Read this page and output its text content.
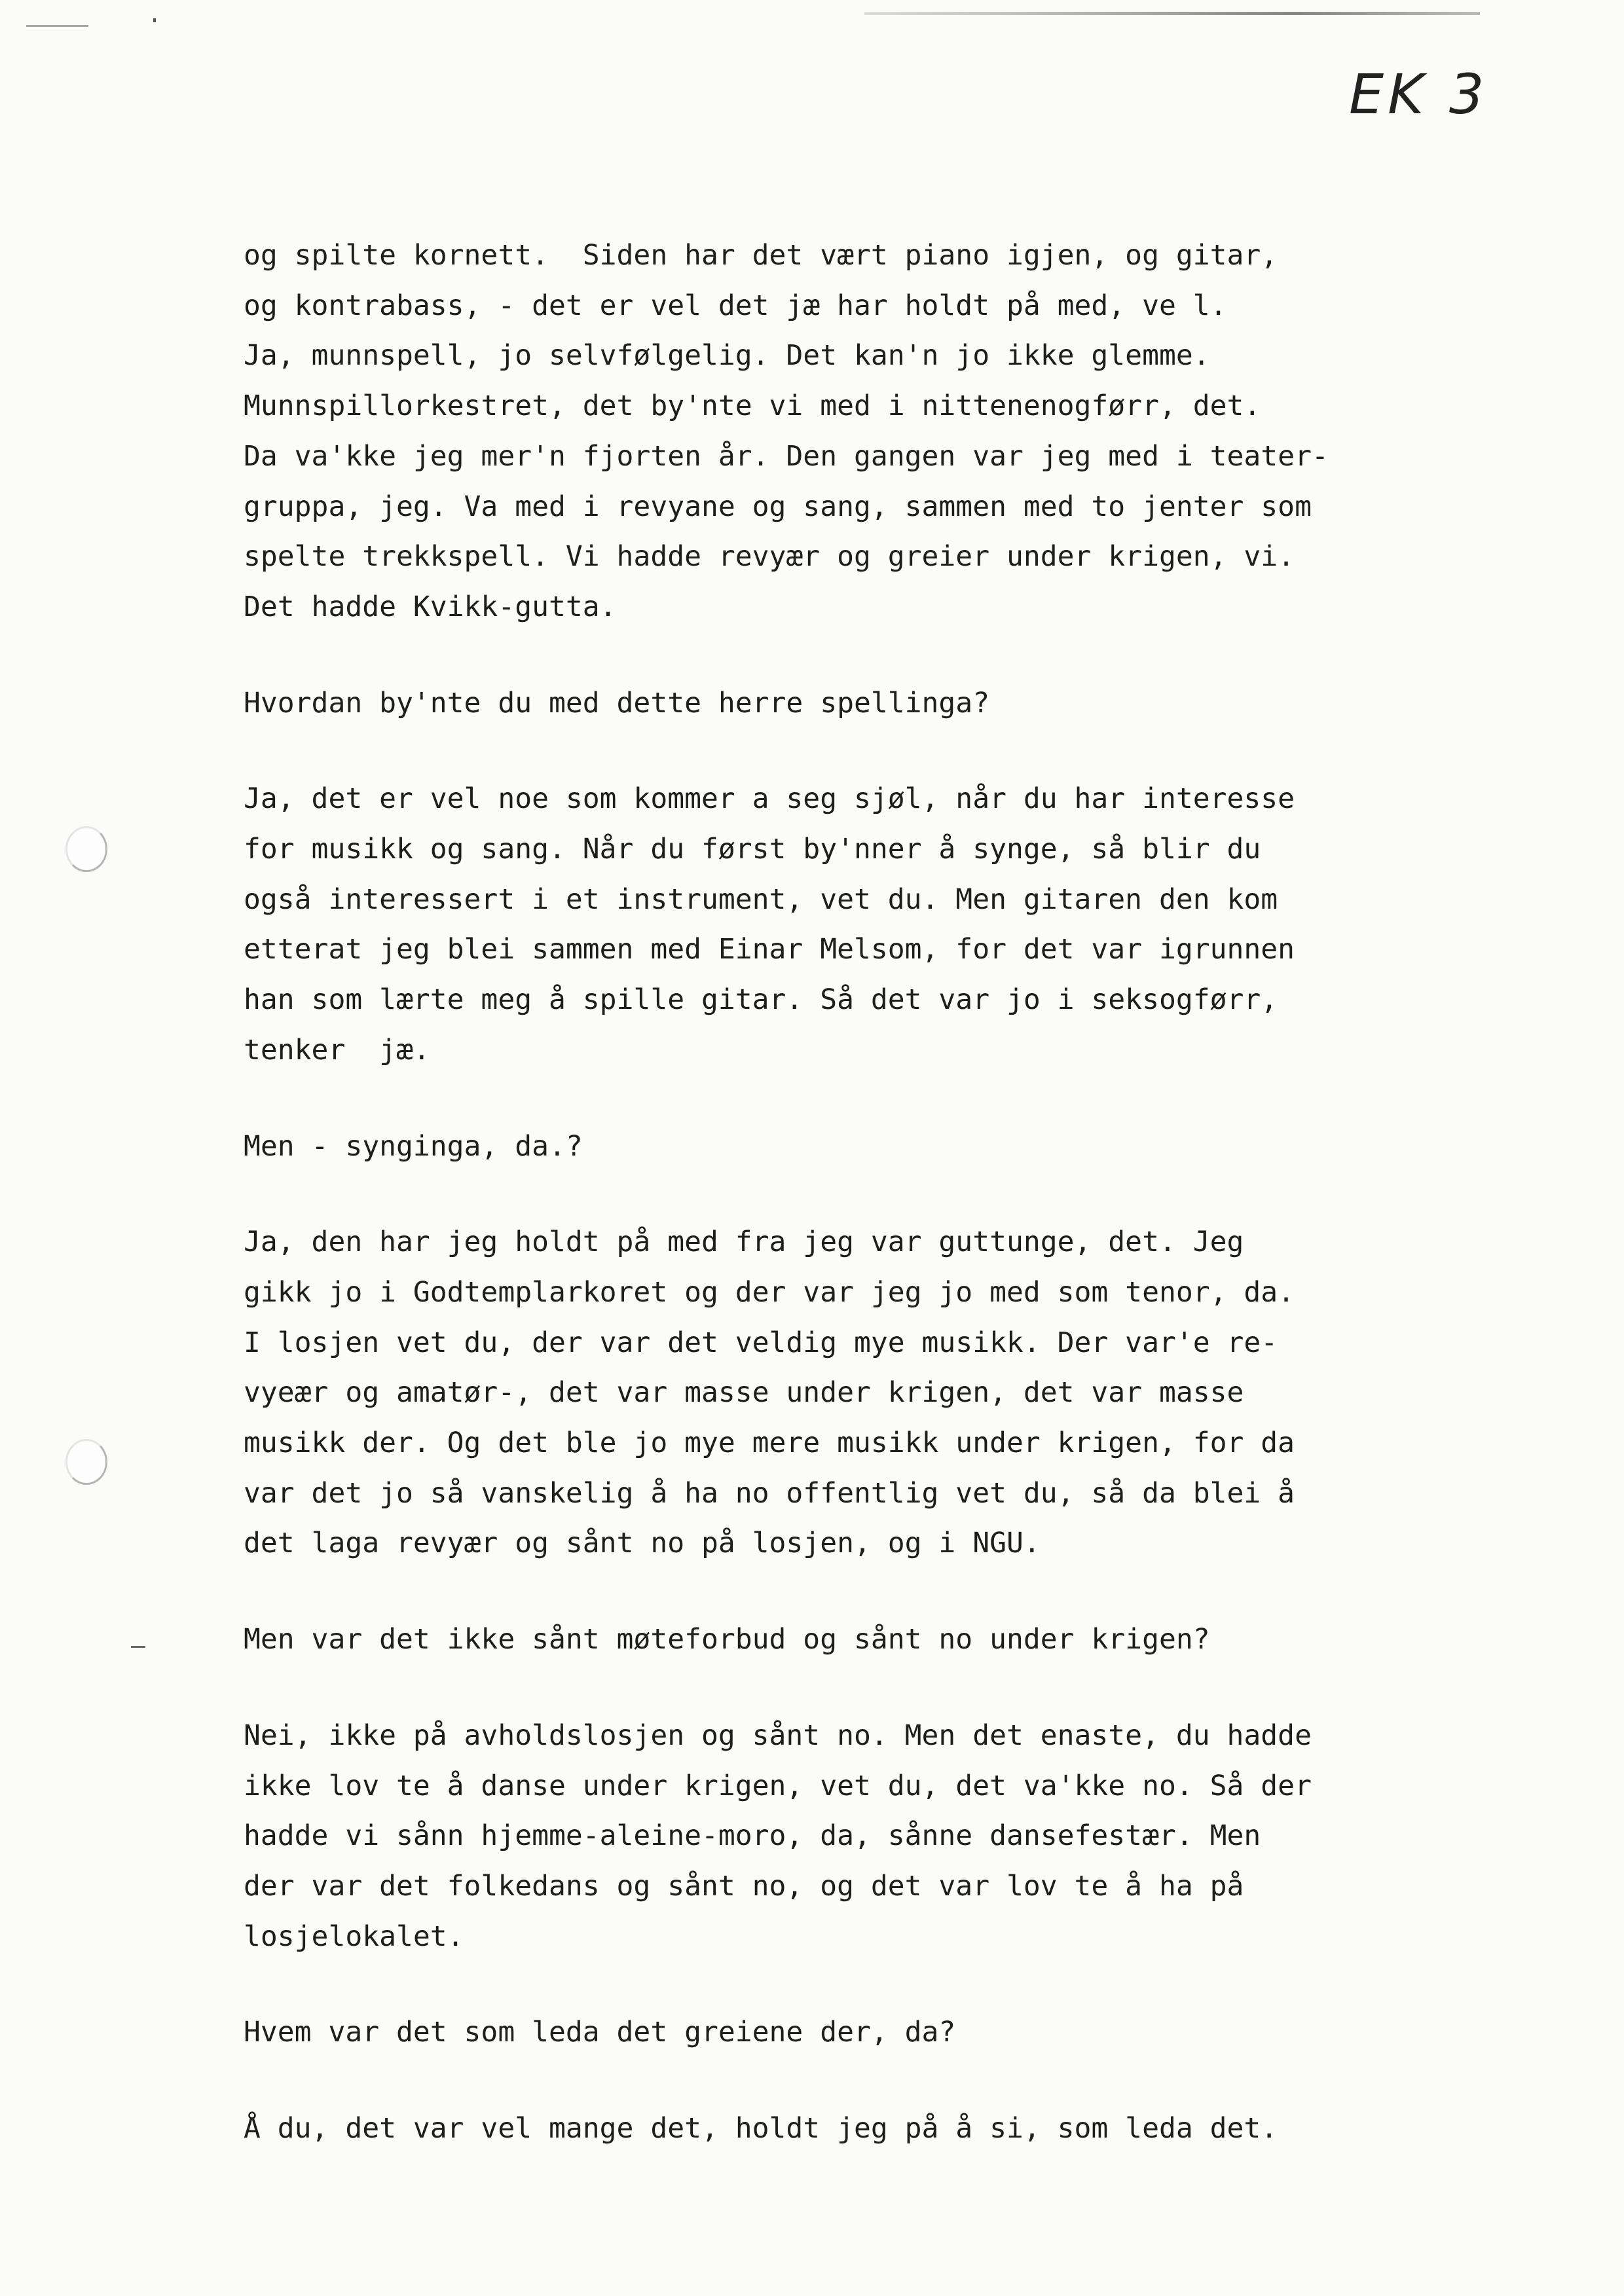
EK 3
og spilte kornett.  Siden har det vært piano igjen, og gitar,
og kontrabass, - det er vel det jæ har holdt på med, ve l.
Ja, munnspell, jo selvfølgelig. Det kan'n jo ikke glemme.
Munnspillorkestret, det by'nte vi med i nittenenogførr, det.
Da va'kke jeg mer'n fjorten år. Den gangen var jeg med i teater-
gruppa, jeg. Va med i revyane og sang, sammen med to jenter som
spelte trekkspell. Vi hadde revyær og greier under krigen, vi.
Det hadde Kvikk-gutta.
Hvordan by'nte du med dette herre spellinga?
Ja, det er vel noe som kommer a seg sjøl, når du har interesse
for musikk og sang. Når du først by'nner å synge, så blir du
også interessert i et instrument, vet du. Men gitaren den kom
etterat jeg blei sammen med Einar Melsom, for det var igrunnen
han som lærte meg å spille gitar. Så det var jo i seksogførr,
tenker  jæ.
Men - synginga, da.?
Ja, den har jeg holdt på med fra jeg var guttunge, det. Jeg
gikk jo i Godtemplarkoret og der var jeg jo med som tenor, da.
I losjen vet du, der var det veldig mye musikk. Der var'e re-
vyeær og amatør-, det var masse under krigen, det var masse
musikk der. Og det ble jo mye mere musikk under krigen, for da
var det jo så vanskelig å ha no offentlig vet du, så da blei å
det laga revyær og sånt no på losjen, og i NGU.
Men var det ikke sånt møteforbud og sånt no under krigen?
Nei, ikke på avholdslosjen og sånt no. Men det enaste, du hadde
ikke lov te å danse under krigen, vet du, det va'kke no. Så der
hadde vi sånn hjemme-aleine-moro, da, sånne dansefestær. Men
der var det folkedans og sånt no, og det var lov te å ha på
losjelokalet.
Hvem var det som leda det greiene der, da?
Å du, det var vel mange det, holdt jeg på å si, som leda det.
